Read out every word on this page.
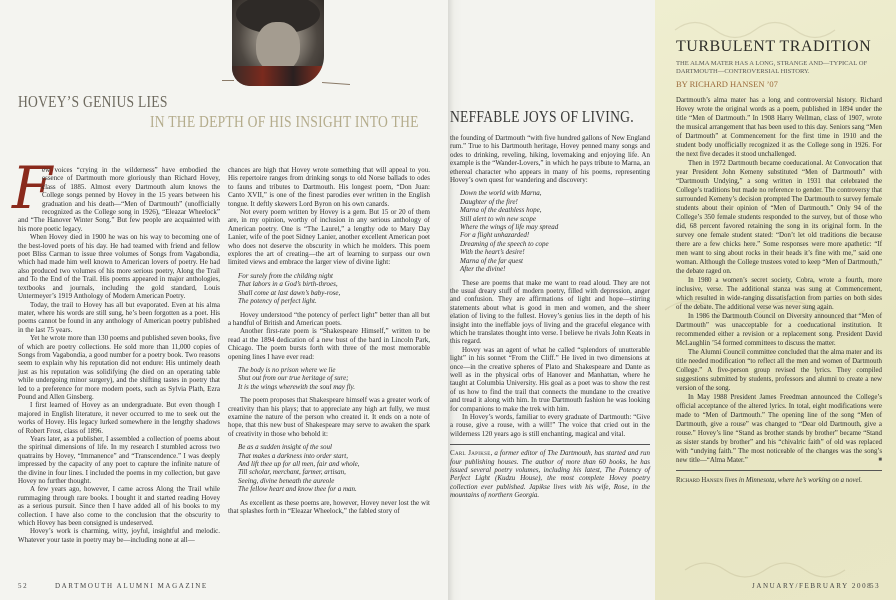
HOVEY’S GENIUS LIES
IN THE DEPTH OF HIS INSIGHT INTO THE NEFFABLE JOYS OF LIVING.

F
ew voices “crying in the wilderness” have embodied the essence of Dartmouth more gloriously than Richard Hovey, class of 1885. Almost every Dartmouth alum knows the College songs penned by Hovey in the 15 years between his graduation and his death—“Men of Dartmouth” (unofficially recognized as the College song in 1926), “Eleazar Wheelock” and “The Hanover Winter Song.” But few people are acquainted with his more poetic legacy.

When Hovey died in 1900 he was on his way to becoming one of the best-loved poets of his day. He had teamed with friend and fellow poet Bliss Carman to issue three volumes of Songs from Vagabondia, which had made him well known to American lovers of poetry. He had also produced two volumes of his more serious poetry, Along the Trail and To the End of the Trail. His poems appeared in major anthologies, textbooks and journals, including the gold standard, Louis Untermeyer’s 1919 Anthology of Modern American Poetry.

Today, the trail to Hovey has all but evaporated. Even at his alma mater, where his words are still sung, he’s been forgotten as a poet. His poems cannot be found in any anthology of American poetry published in the last 75 years.

Yet he wrote more than 130 poems and published seven books, five of which are poetry collections. He sold more than 11,000 copies of Songs from Vagabondia, a good number for a poetry book. Two reasons seem to explain why his reputation did not endure: His untimely death just as his reputation was solidifying (he died on an operating table while undergoing minor surgery), and the shifting tastes in poetry that led to a preference for more modern poets, such as Sylvia Plath, Ezra Pound and Allen Ginsberg.

I first learned of Hovey as an undergraduate. But even though I majored in English literature, it never occurred to me to seek out the works of Hovey. His legacy lurked somewhere in the lengthy shadows of Robert Frost, class of 1896.

Years later, as a publisher, I assembled a collection of poems about the spiritual dimensions of life. In my research I stumbled across two quatrains by Hovey, “Immanence” and “Transcendence.” I was deeply impressed by the capacity of any poet to capture the infinite nature of the divine in four lines. I included the poems in my collection, but gave Hovey no further thought.

A few years ago, however, I came across Along the Trail while rummaging through rare books. I bought it and started reading Hovey as a serious pursuit. Since then I have added all of his books to my collection. I have also come to the conclusion that the obscurity to which Hovey has been consigned is undeserved.

Hovey’s work is charming, witty, joyful, insightful and melodic. Whatever your taste in poetry may be—including none at all—

chances are high that Hovey wrote something that will appeal to you. His repertoire ranges from drinking songs to old Norse ballads to odes to fauns and tributes to Dartmouth. His longest poem, “Don Juan: Canto XVII,” is one of the finest parodies ever written in the English tongue. It deftly skewers Lord Byron on his own canards.

Not every poem written by Hovey is a gem. But 15 or 20 of them are, in my opinion, worthy of inclusion in any serious anthology of American poetry. One is “The Laurel,” a lengthy ode to Mary Day Lanier, wife of the poet Sidney Lanier, another excellent American poet who does not deserve the obscurity in which he molders. This poem explores the art of creating—the art of learning to surpass our own limited views and embrace the larger view of divine light:

For surely from the childing night
That labors in a God’s birth-throes,
Shall come at last dawn’s baby-rose,
The potency of perfect light.

Hovey understood “the potency of perfect light” better than all but a handful of British and American poets.

Another first-rate poem is “Shakespeare Himself,” written to be read at the 1894 dedication of a new bust of the bard in Lincoln Park, Chicago. The poem bursts forth with three of the most memorable opening lines I have ever read:

The body is no prison where we lie
Shut out from our true heritage of sure;
It is the wings wherewith the soul may fly.

The poem proposes that Shakespeare himself was a greater work of creativity than his plays; that to appreciate any high art fully, we must examine the nature of the person who created it. It ends on a note of hope, that this new bust of Shakespeare may serve to awaken the spark of creativity in those who behold it:

Be as a sudden insight of the soul
That makes a darkness into order start,
And lift thee up for all men, fair and whole,
Till scholar, merchant, farmer, artisan,
Seeing, divine beneath the aureole
The fellow heart and know thee for a man.

As excellent as these poems are, however, Hovey never lost the wit that splashes forth in “Eleazar Wheelock,” the fabled story of

the founding of Dartmouth “with five hundred gallons of New England rum.” True to his Dartmouth heritage, Hovey penned many songs and odes to drinking, reveling, hiking, lovemaking and enjoying life. An example is the “Wander-Lovers,” in which he pays tribute to Marna, an ethereal character who appears in many of his poems, representing Hovey’s own quest for wandering and discovery:

Down the world with Marna,
Daughter of the fire!
Marna of the deathless hope,
Still alert to win new scope
Where the wings of life may spread
For a flight unhazarded!
Dreaming of the speech to cope
With the heart’s desire!
Marna of the far quest
After the divine!

These are poems that make me want to read aloud. They are not the usual dreary stuff of modern poetry, filled with depression, anger and confusion. They are affirmations of light and hope—stirring statements about what is good in men and women, and the sheer elation of living to the fullest. Hovey’s genius lies in the depth of his insight into the ineffable joys of living and the graceful elegance with which he translates thought into verse. I believe he rivals John Keats in this regard.

Hovey was an agent of what he called “splendors of unutterable light” in his sonnet “From the Cliff.” He lived in two dimensions at once—in the creative spheres of Plato and Shakespeare and Dante as well as in the physical orbs of Hanover and Manhattan, where he taught at Columbia University. His goal as a poet was to show the rest of us how to find the trail that connects the mundane to the creative and tread it along with him. In true Dartmouth fashion he was looking for companions to make the trek with him.

In Hovey’s words, familiar to every graduate of Dartmouth: “Give a rouse, give a rouse, with a will!” The voice that cried out in the wilderness 120 years ago is still enchanting, magical and vital.

Carl Japikse, a former editor of The Dartmouth, has started and run four publishing houses. The author of more than 60 books, he has issued several poetry volumes, including his latest, The Potency of Perfect Light (Kudzu House), the most complete Hovey poetry collection ever published. Japikse lives with his wife, Rose, in the mountains of northern Georgia.
TURBULENT TRADITION
THE ALMA MATER HAS A LONG, STRANGE AND—TYPICAL OF DARTMOUTH—CONTROVERSIAL HISTORY.
BY RICHARD HANSEN ’07

Dartmouth’s alma mater has a long and controversial history. Richard Hovey wrote the original words as a poem, published in 1894 under the title “Men of Dartmouth.” In 1908 Harry Wellman, class of 1907, wrote the musical arrangement that has been used to this day. Seniors sang “Men of Dartmouth” at Commencement for the first time in 1910 and the student body unofficially recognized it as the College song in 1926. For the next five decades it stood unchallenged.

Then in 1972 Dartmouth became coeducational. At Convocation that year President John Kemeny substituted “Men of Dartmouth” with “Dartmouth Undying,” a song written in 1931 that celebrated the College’s traditions but made no reference to gender. The controversy that surrounded Kemeny’s decision prompted The Dartmouth to survey female students about their opinion of “Men of Dartmouth.” Only 94 of the College’s 350 female students responded to the survey, but of those who did, 68 percent favored retaining the song in its original form. In the survey one female student stated: “Don’t let old traditions die because there are a few chicks here.” Some responses were more apathetic: “If men want to sing about rocks in their heads it’s fine with me,” said one woman. Although the College trustees voted to keep “Men of Dartmouth,” the debate raged on.

In 1980 a women’s secret society, Cobra, wrote a fourth, more inclusive, verse. The additional stanza was sung at Commencement, which resulted in wide-ranging dissatisfaction from parties on both sides of the debate. The additional verse was never sung again.

In 1986 the Dartmouth Council on Diversity announced that “Men of Dartmouth” was unacceptable for a coeducational institution. It recommended either a revision or a replacement song. President David McLaughlin ’54 formed committees to discuss the matter.

The Alumni Council committee concluded that the alma mater and its title needed modification “to reflect all the men and women of Dartmouth College.” A five-person group revised the lyrics. They compiled suggestions submitted by students, professors and alumni to create a new version of the song.

In May 1988 President James Freedman announced the College’s official acceptance of the altered lyrics. In total, eight modifications were made to “Men of Dartmouth.” The opening line of the song “Men of Dartmouth, give a rouse” was changed to “Dear old Dartmouth, give a rouse.” Hovey’s line “Stand as brother stands by brother” became “Stand as sister stands by brother” and his “chivalric faith” of old was replaced with “undying faith.” The most noticeable of the changes was the song’s new title—“Alma Mater.”	■

Richard Hansen lives in Minnesota, where he’s working on a novel.
52	DARTMOUTH ALUMNI MAGAZINE	JANUARY/FEBRUARY 2008
53
